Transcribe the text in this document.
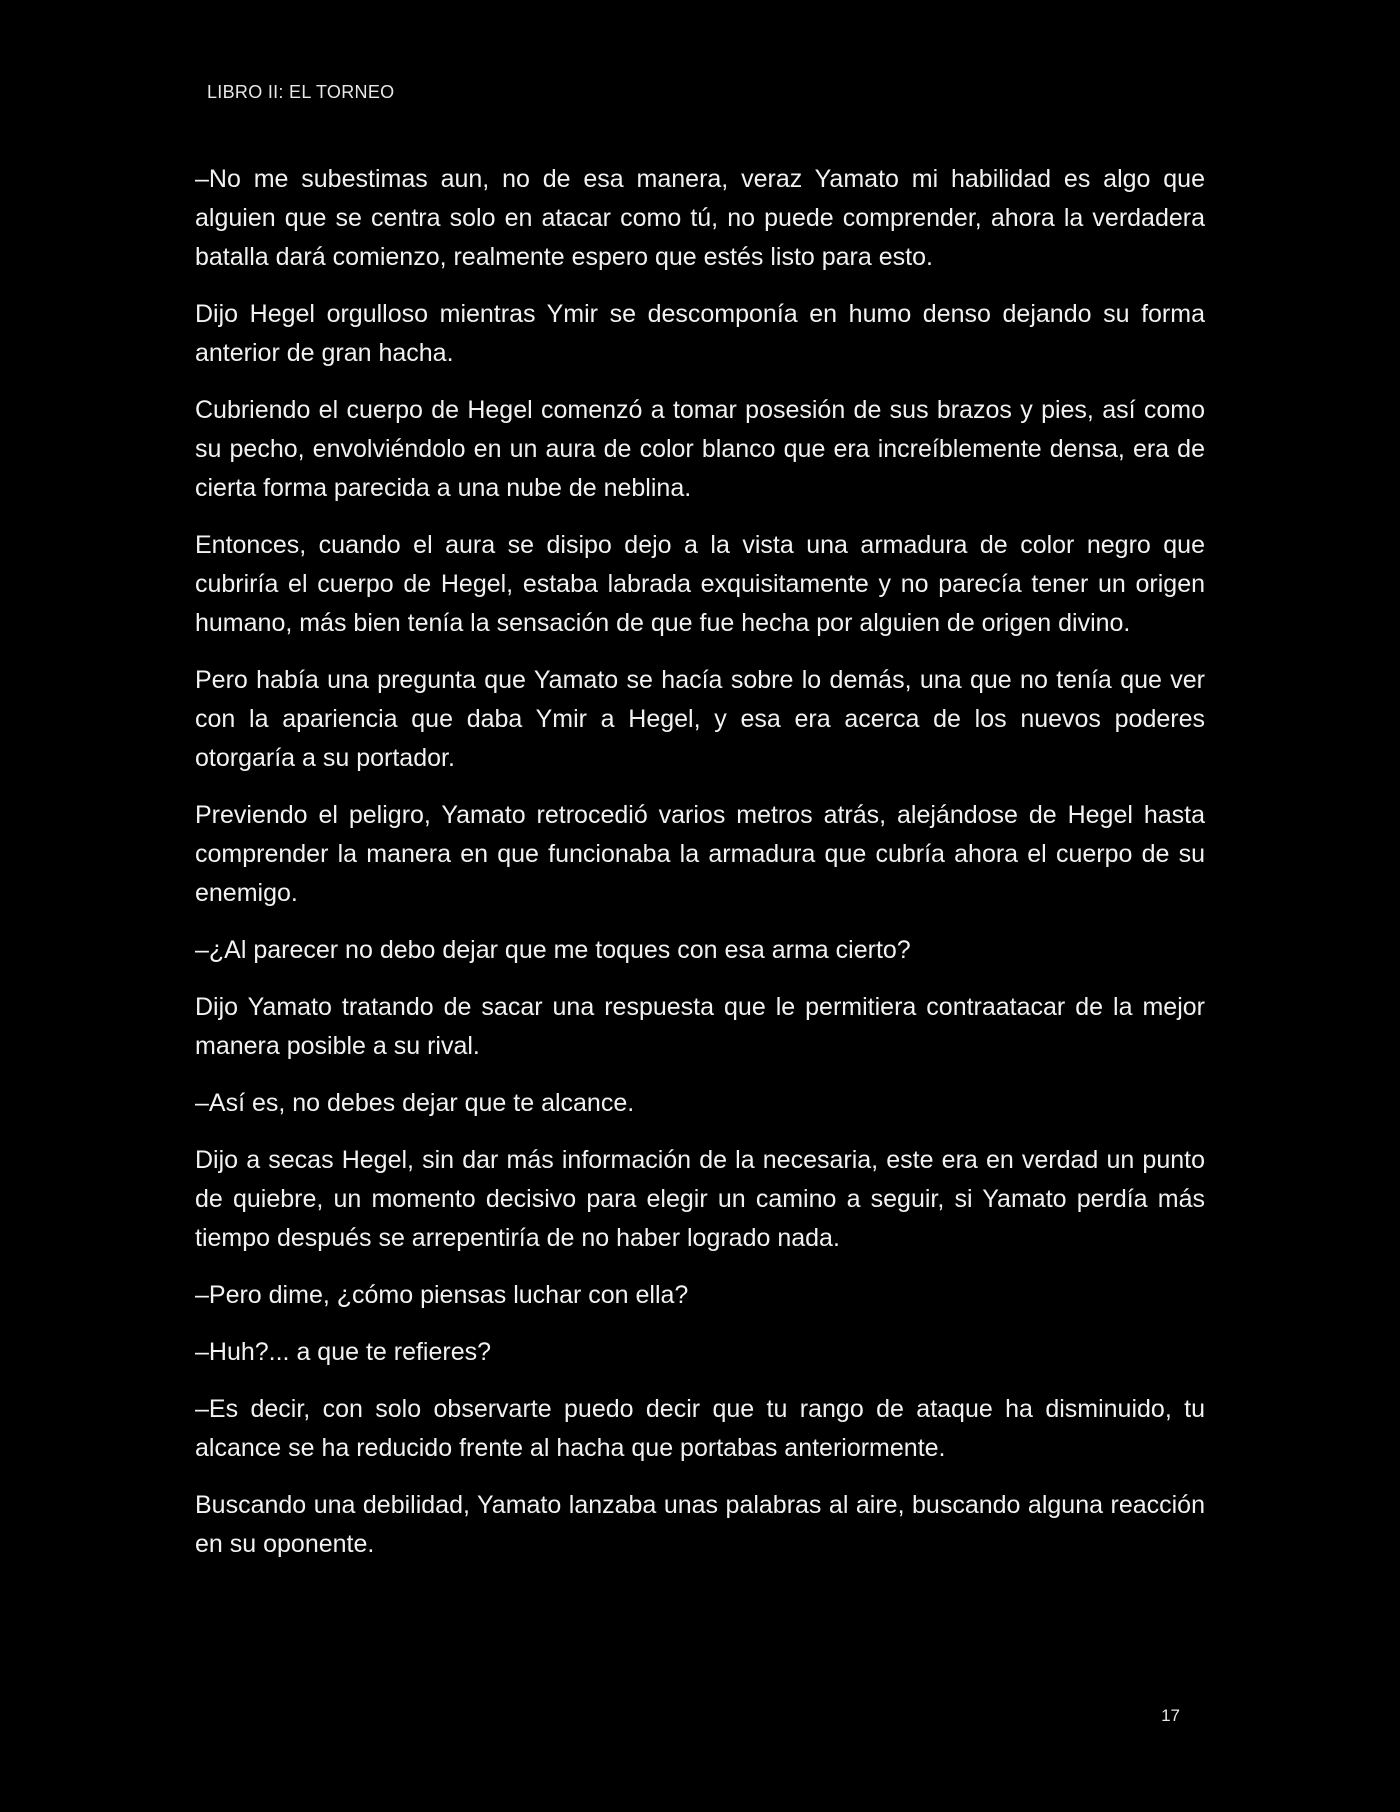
LIBRO II: EL TORNEO

–No me subestimas aun, no de esa manera, veraz Yamato mi habilidad es algo que alguien que se centra solo en atacar como tú, no puede comprender, ahora la verdadera batalla dará comienzo, realmente espero que estés listo para esto.

Dijo Hegel orgulloso mientras Ymir se descomponía en humo denso dejando su forma anterior de gran hacha.

Cubriendo el cuerpo de Hegel comenzó a tomar posesión de sus brazos y pies, así como su pecho, envolviéndolo en un aura de color blanco que era increíblemente densa, era de cierta forma parecida a una nube de neblina.

Entonces, cuando el aura se disipo dejo a la vista una armadura de color negro que cubriría el cuerpo de Hegel, estaba labrada exquisitamente y no parecía tener un origen humano, más bien tenía la sensación de que fue hecha por alguien de origen divino.

Pero había una pregunta que Yamato se hacía sobre lo demás, una que no tenía que ver con la apariencia que daba Ymir a Hegel, y esa era acerca de los nuevos poderes otorgaría a su portador.

Previendo el peligro, Yamato retrocedió varios metros atrás, alejándose de Hegel hasta comprender la manera en que funcionaba la armadura que cubría ahora el cuerpo de su enemigo.

–¿Al parecer no debo dejar que me toques con esa arma cierto?

Dijo Yamato tratando de sacar una respuesta que le permitiera contraatacar de la mejor manera posible a su rival.

–Así es, no debes dejar que te alcance.

Dijo a secas Hegel, sin dar más información de la necesaria, este era en verdad un punto de quiebre, un momento decisivo para elegir un camino a seguir, si Yamato perdía más tiempo después se arrepentiría de no haber logrado nada.

–Pero dime, ¿cómo piensas luchar con ella?

–Huh?... a que te refieres?

–Es decir, con solo observarte puedo decir que tu rango de ataque ha disminuido, tu alcance se ha reducido frente al hacha que portabas anteriormente.

Buscando una debilidad, Yamato lanzaba unas palabras al aire, buscando alguna reacción en su oponente.

17
